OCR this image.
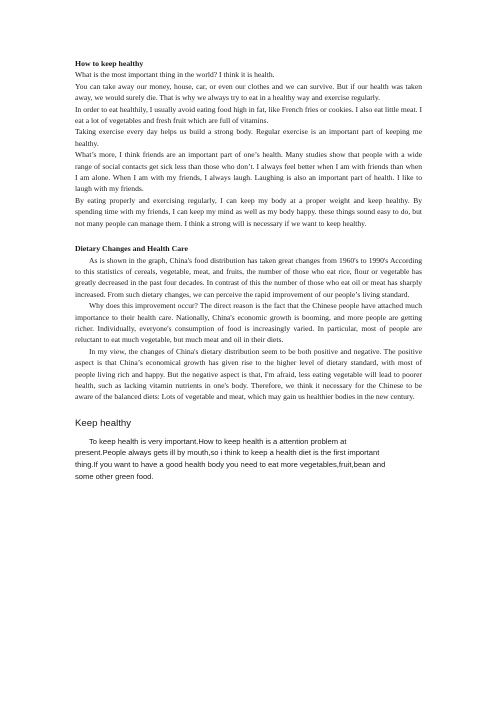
How to keep healthy

What is the most important thing in the world? I think it is health.

You can take away our money, house, car, or even our clothes and we can survive. But if our health was taken away, we would surely die. That is why we always try to eat in a healthy way and exercise regularly.

In order to eat healthily, I usually avoid eating food high in fat, like French fries or cookies. I also eat little meat. I eat a lot of vegetables and fresh fruit which are full of vitamins.

Taking exercise every day helps us build a strong body. Regular exercise is an important part of keeping me healthy.

What’s more, I think friends are an important part of one’s health. Many studies show that people with a wide range of social contacts get sick less than those who don’t. I always feel better when I am with friends than when I am alone. When I am with my friends, I always laugh. Laughing is also an important part of health. I like to laugh with my friends.

By eating properly and exercising regularly, I can keep my body at a proper weight and keep healthy. By spending time with my friends, I can keep my mind as well as my body happy. these things sound easy to do, but not many people can manage them. I think a strong will is necessary if we want to keep healthy.

Dietary Changes and Health Care

As is shown in the graph, China's food distribution has taken great changes from 1960's to 1990's According to this statistics of cereals, vegetable, meat, and fruits, the number of those who eat rice, flour or vegetable has greatly decreased in the past four decades. In contrast of this the number of those who eat oil or meat has sharply increased. From such dietary changes, we can perceive the rapid improvement of our people’s living standard.

Why does this improvement occur? The direct reason is the fact that the Chinese people have attached much importance to their health care. Nationally, China's economic growth is booming, and more people are getting richer. Individually, everyone's consumption of food is increasingly varied. In particular, most of people are reluctant to eat much vegetable, but much meat and oil in their diets.

In my view, the changes of China's dietary distribution seem to be both positive and negative. The positive aspect is that China’s economical growth has given rise to the higher level of dietary standard, with most of people living rich and happy. But the negative aspect is that, I'm afraid, less eating vegetable will lead to poorer health, such as lacking vitamin nutrients in one's body. Therefore, we think it necessary for the Chinese to be aware of the balanced diets: Lots of vegetable and meat, which may gain us healthier bodies in the new century.

Keep healthy

To keep health is very important.How to keep health is a attention problem at present.People always gets ill by mouth,so i think to keep a health diet is the first important thing.If you want to have a good health body you need to eat more vegetables,fruit,bean and some other green food.
